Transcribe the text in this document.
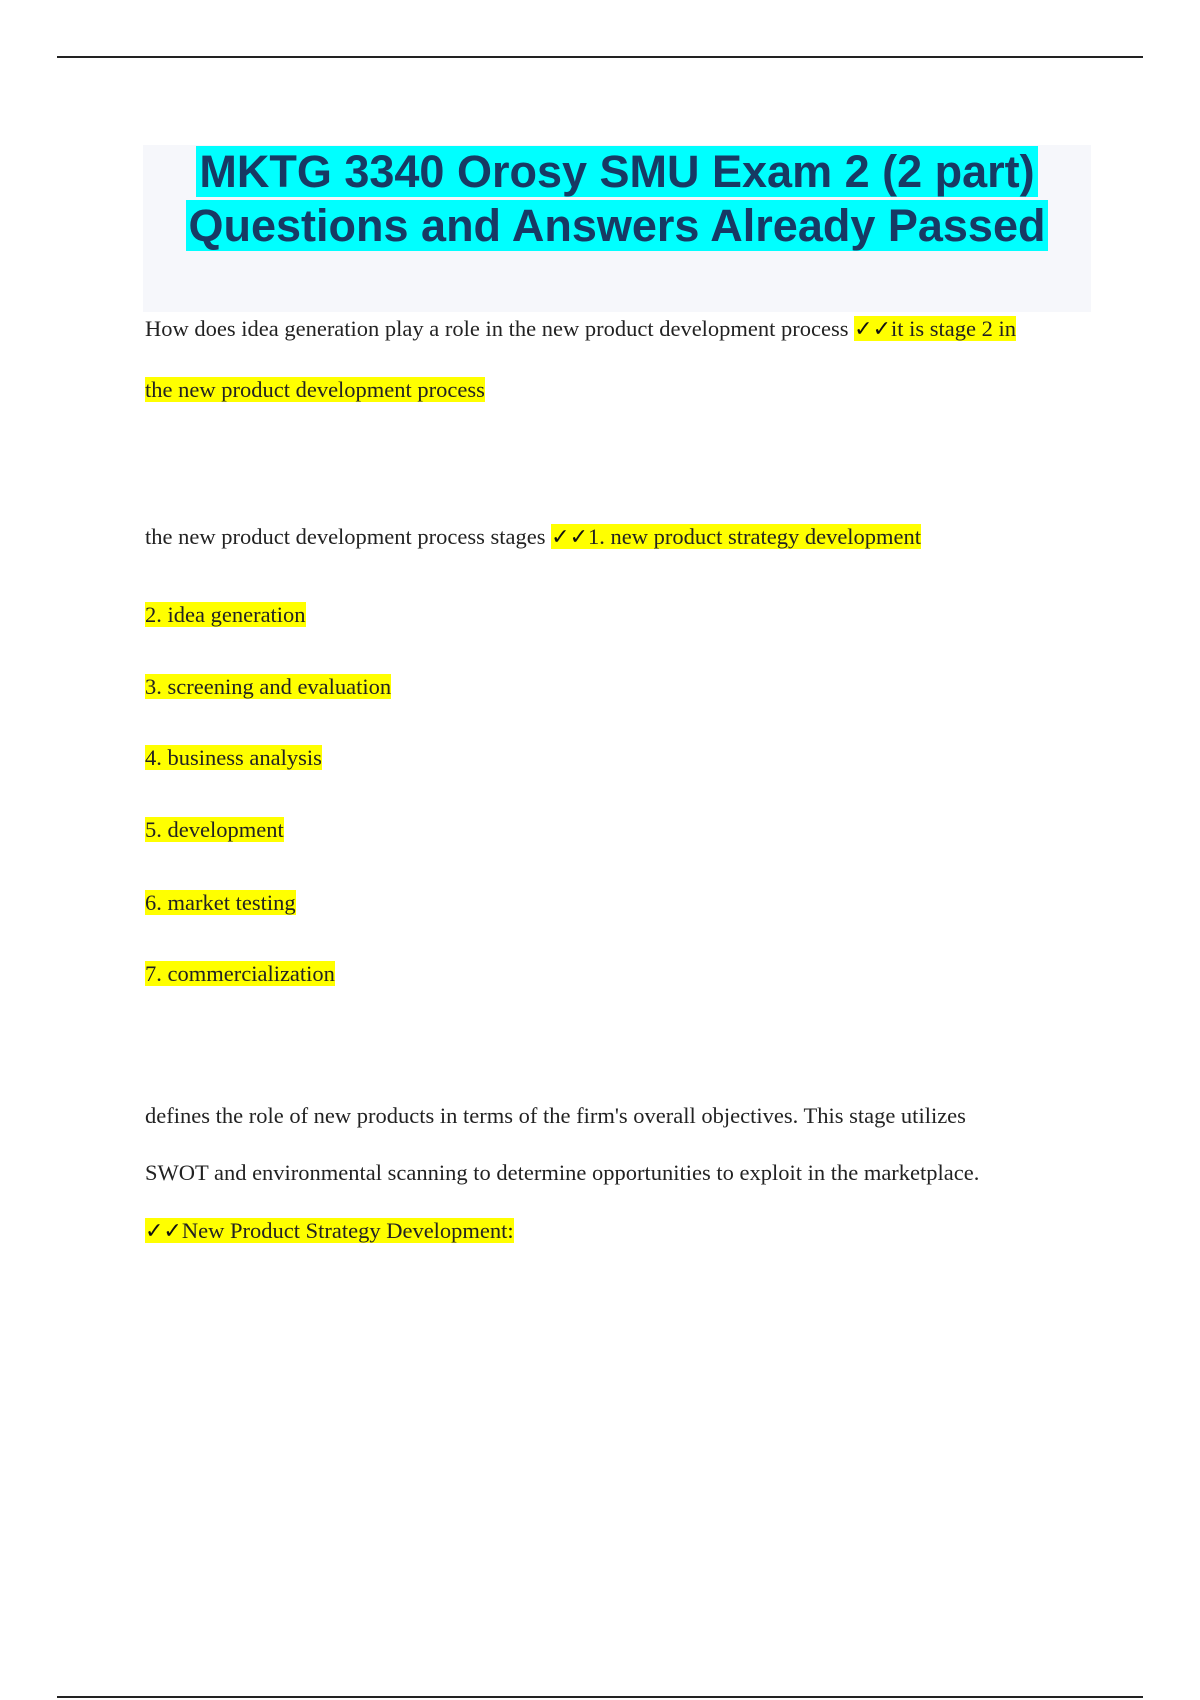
MKTG 3340 Orosy SMU Exam 2 (2 part)
Questions and Answers Already Passed
How does idea generation play a role in the new product development process ✓✓it is stage 2 in
the new product development process
the new product development process stages ✓✓1. new product strategy development
2. idea generation
3. screening and evaluation
4. business analysis
5. development
6. market testing
7. commercialization
defines the role of new products in terms of the firm's overall objectives. This stage utilizes
SWOT and environmental scanning to determine opportunities to exploit in the marketplace.
✓✓New Product Strategy Development:
